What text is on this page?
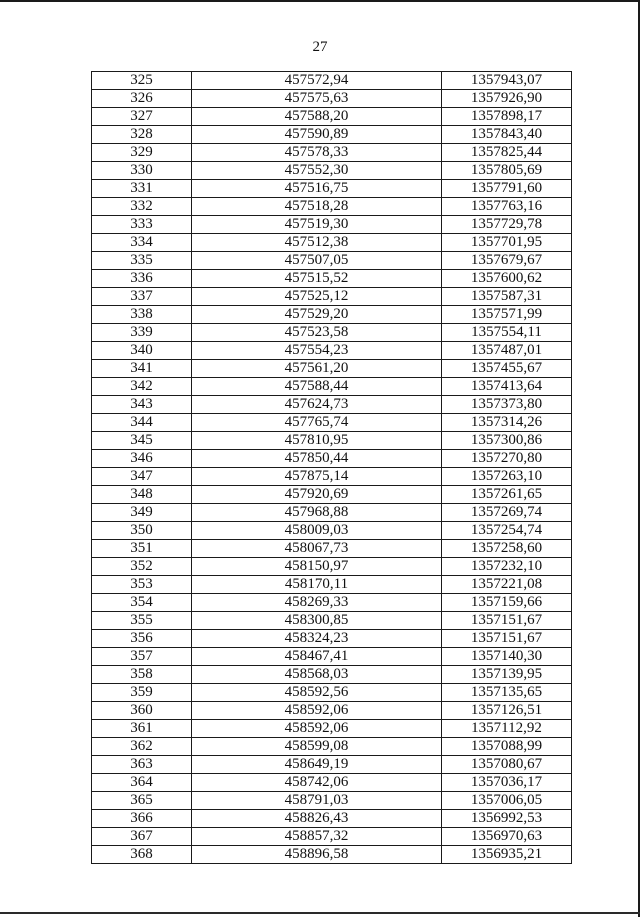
27
325	457572,94	1357943,07
326	457575,63	1357926,90
327	457588,20	1357898,17
328	457590,89	1357843,40
329	457578,33	1357825,44
330	457552,30	1357805,69
331	457516,75	1357791,60
332	457518,28	1357763,16
333	457519,30	1357729,78
334	457512,38	1357701,95
335	457507,05	1357679,67
336	457515,52	1357600,62
337	457525,12	1357587,31
338	457529,20	1357571,99
339	457523,58	1357554,11
340	457554,23	1357487,01
341	457561,20	1357455,67
342	457588,44	1357413,64
343	457624,73	1357373,80
344	457765,74	1357314,26
345	457810,95	1357300,86
346	457850,44	1357270,80
347	457875,14	1357263,10
348	457920,69	1357261,65
349	457968,88	1357269,74
350	458009,03	1357254,74
351	458067,73	1357258,60
352	458150,97	1357232,10
353	458170,11	1357221,08
354	458269,33	1357159,66
355	458300,85	1357151,67
356	458324,23	1357151,67
357	458467,41	1357140,30
358	458568,03	1357139,95
359	458592,56	1357135,65
360	458592,06	1357126,51
361	458592,06	1357112,92
362	458599,08	1357088,99
363	458649,19	1357080,67
364	458742,06	1357036,17
365	458791,03	1357006,05
366	458826,43	1356992,53
367	458857,32	1356970,63
368	458896,58	1356935,21
